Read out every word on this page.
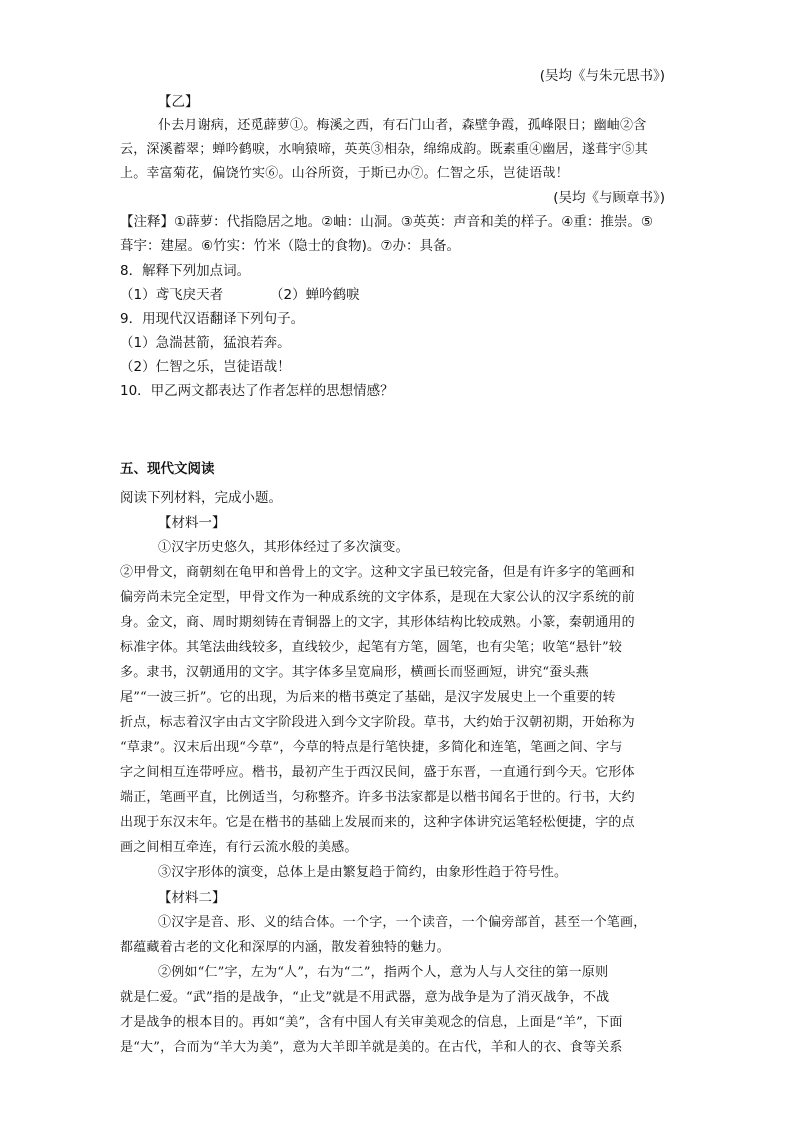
(吴均《与朱元思书》)
【乙】
仆去月谢病，还觅薜萝①。梅溪之西，有石门山者，森壁争霞，孤峰限日；幽岫②含
云，深溪蓄翠；蝉吟鹤唳，水响猿啼，英英③相杂，绵绵成韵。既素重④幽居，遂葺宇⑤其
上。幸富菊花，偏饶竹实⑥。山谷所资，于斯已办⑦。仁智之乐，岂徒语哉！
(吴均《与顾章书》)
【注释】①薜萝：代指隐居之地。②岫：山洞。③英英：声音和美的样子。④重：推崇。⑤
葺宇：建屋。⑥竹实：竹米（隐士的食物)。⑦办：具备。
8．解释下列加点词。
（1）鸢飞戾天者	（2）蝉吟鹤唳
9．用现代汉语翻译下列句子。
（1）急湍甚箭，猛浪若奔。
（2）仁智之乐，岂徒语哉！
10．甲乙两文都表达了作者怎样的思想情感？
五、现代文阅读
阅读下列材料，完成小题。
【材料一】
①汉字历史悠久，其形体经过了多次演变。
②甲骨文，商朝刻在龟甲和兽骨上的文字。这种文字虽已较完备，但是有许多字的笔画和
偏旁尚未完全定型，甲骨文作为一种成系统的文字体系，是现在大家公认的汉字系统的前
身。金文，商、周时期刻铸在青铜器上的文字，其形体结构比较成熟。小篆，秦朝通用的
标准字体。其笔法曲线较多，直线较少，起笔有方笔，圆笔，也有尖笔；收笔“悬针”较
多。隶书，汉朝通用的文字。其字体多呈宽扁形，横画长而竖画短，讲究“蚕头燕
尾”“一波三折”。它的出现，为后来的楷书奠定了基础，是汉字发展史上一个重要的转
折点，标志着汉字由古文字阶段进入到今文字阶段。草书，大约始于汉朝初期，开始称为
“草隶”。汉末后出现“今草”，今草的特点是行笔快捷，多简化和连笔，笔画之间、字与
字之间相互连带呼应。楷书，最初产生于西汉民间，盛于东晋，一直通行到今天。它形体
端正，笔画平直，比例适当，匀称整齐。许多书法家都是以楷书闻名于世的。行书，大约
出现于东汉末年。它是在楷书的基础上发展而来的，这种字体讲究运笔轻松便捷，字的点
画之间相互牵连，有行云流水般的美感。
③汉字形体的演变，总体上是由繁复趋于简约，由象形性趋于符号性。
【材料二】
①汉字是音、形、义的结合体。一个字，一个读音，一个偏旁部首，甚至一个笔画，
都蕴藏着古老的文化和深厚的内涵，散发着独特的魅力。
②例如“仁”字，左为“人”，右为“二”，指两个人，意为人与人交往的第一原则
就是仁爱。“武”指的是战争，“止戈”就是不用武器，意为战争是为了消灭战争，不战
才是战争的根本目的。再如“美”，含有中国人有关审美观念的信息，上面是“羊”，下面
是“大”，合而为“羊大为美”，意为大羊即羊就是美的。在古代，羊和人的衣、食等关系
